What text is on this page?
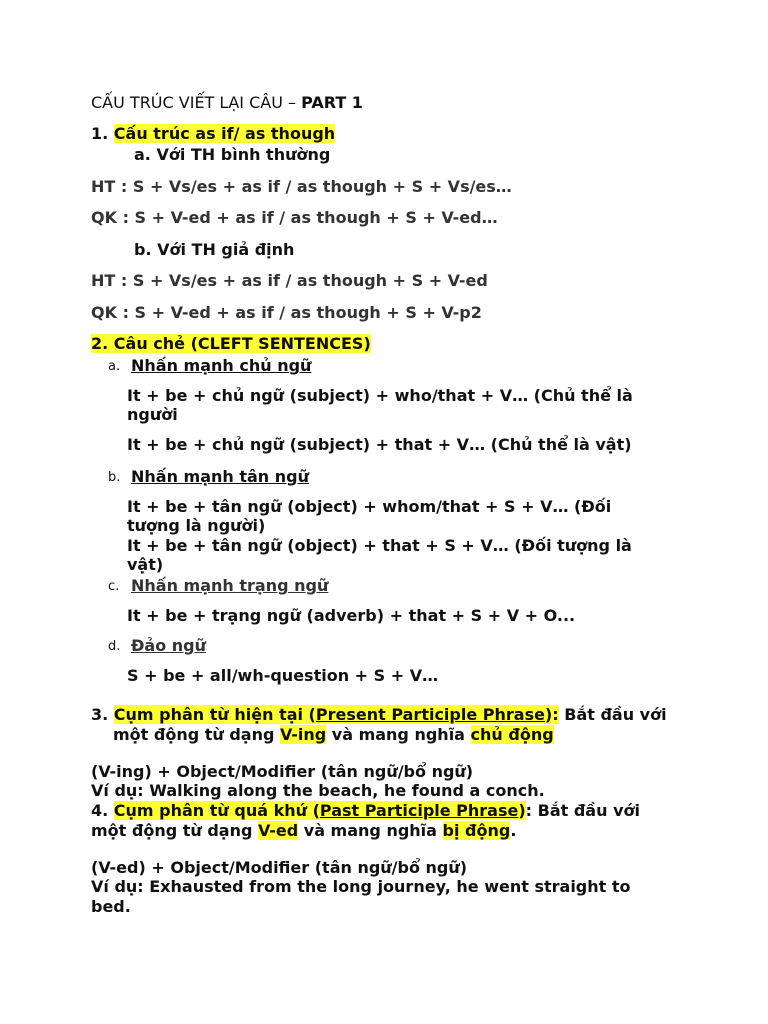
CẤU TRÚC VIẾT LẠI CÂU – PART 1
1. Cấu trúc as if/ as though
a. Với TH bình thường
HT : S + Vs/es + as if / as though + S + Vs/es…
QK : S + V-ed + as if / as though + S + V-ed…
b. Với TH giả định
HT : S + Vs/es + as if / as though + S + V-ed
QK : S + V-ed + as if / as though + S + V-p2
2. Câu chẻ (CLEFT SENTENCES)
a. Nhấn mạnh chủ ngữ
It + be + chủ ngữ (subject) + who/that + V… (Chủ thể là
người
It + be + chủ ngữ (subject) + that + V… (Chủ thể là vật)
b. Nhấn mạnh tân ngữ
It + be + tân ngữ (object) + whom/that + S + V… (Đối
tượng là người)
It + be + tân ngữ (object) + that + S + V… (Đối tượng là
vật)
c. Nhấn mạnh trạng ngữ
It + be + trạng ngữ (adverb) + that + S + V + O...
d. Đảo ngữ
S + be + all/wh-question + S + V…
3. Cụm phân từ hiện tại (Present Participle Phrase): Bắt đầu với
một động từ dạng V-ing và mang nghĩa chủ động
(V-ing) + Object/Modifier (tân ngữ/bổ ngữ)
Ví dụ: Walking along the beach, he found a conch.
4. Cụm phân từ quá khứ (Past Participle Phrase): Bắt đầu với
một động từ dạng V-ed và mang nghĩa bị động.
(V-ed) + Object/Modifier (tân ngữ/bổ ngữ)
Ví dụ: Exhausted from the long journey, he went straight to
bed.
